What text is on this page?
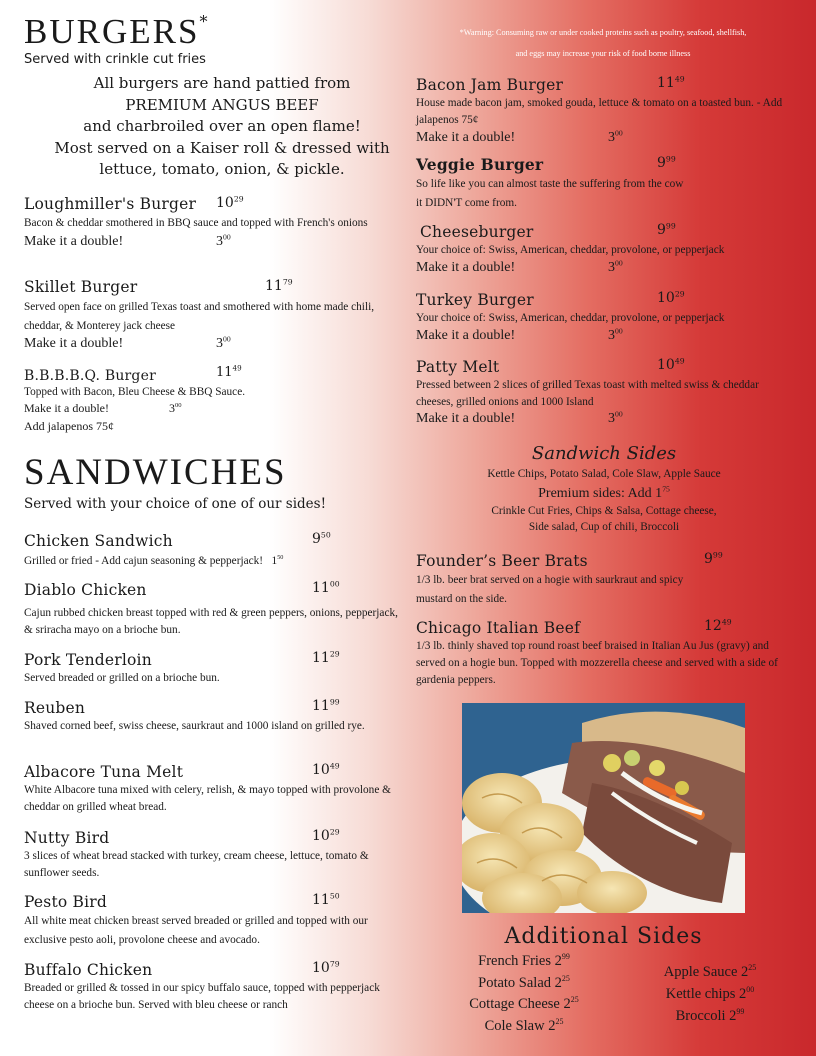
BURGERS*
Served with crinkle cut fries
All burgers are hand pattied from
PREMIUM ANGUS BEEF
and charbroiled over an open flame!
Most served on a Kaiser roll & dressed with
lettuce, tomato, onion, & pickle.
*Warning: Consuming raw or under cooked proteins such as poultry, seafood, shellfish,
and eggs may increase your risk of food borne illness
Loughmiller's Burger $10^{29}$
Bacon & cheddar smothered in BBQ sauce and topped with French's onions
Make it a double!	$3^{00}$
Skillet Burger	$11^{79}$
Served open face on grilled Texas toast and smothered with home made chili, cheddar, & Monterey jack cheese
Make it a double!	$3^{00}$
B.B.B.B.Q. Burger	$11^{49}$
Topped with Bacon, Bleu Cheese & BBQ Sauce.
Make it a double!	$3^{00}$
Add jalapenos 75¢
SANDWICHES
Served with your choice of one of our sides!
Chicken Sandwich	$9^{50}$
Grilled or fried - Add cajun seasoning & pepperjack! $1^{50}$
Diablo Chicken	$11^{00}$
Cajun rubbed chicken breast topped with red & green peppers, onions, pepperjack, & sriracha mayo on a brioche bun.
Pork Tenderloin	$11^{29}$
Served breaded or grilled on a brioche bun.
Reuben	$11^{99}$
Shaved corned beef, swiss cheese, saurkraut and 1000 island on grilled rye.
Albacore Tuna Melt	$10^{49}$
White Albacore tuna mixed with celery, relish, & mayo topped with provolone & cheddar on grilled wheat bread.
Nutty Bird	$10^{29}$
3 slices of wheat bread stacked with turkey, cream cheese, lettuce, tomato & sunflower seeds.
Pesto Bird	$11^{50}$
All white meat chicken breast served breaded or grilled and topped with our exclusive pesto aoli, provolone cheese and avocado.
Buffalo Chicken	$10^{79}$
Breaded or grilled & tossed in our spicy buffalo sauce, topped with pepperjack cheese on a brioche bun. Served with bleu cheese or ranch
Bacon Jam Burger	$11^{49}$
House made bacon jam, smoked gouda, lettuce & tomato on a toasted bun. - Add jalapenos 75¢
Make it a double!	$3^{00}$
Veggie Burger	$9^{99}$
So life like you can almost taste the suffering from the cow it DIDN'T come from.
Cheeseburger	$9^{99}$
Your choice of: Swiss, American, cheddar, provolone, or pepperjack
Make it a double!	$3^{00}$
Turkey Burger	$10^{29}$
Your choice of: Swiss, American, cheddar, provolone, or pepperjack
Make it a double!	$3^{00}$
Patty Melt	$10^{49}$
Pressed between 2 slices of grilled Texas toast with melted swiss & cheddar cheeses, grilled onions and 1000 Island
Make it a double!	$3^{00}$
Sandwich Sides
Kettle Chips, Potato Salad, Cole Slaw, Apple Sauce
Premium sides: Add $1^{75}$
Crinkle Cut Fries, Chips & Salsa, Cottage cheese,
Side salad, Cup of chili, Broccoli
Founder’s Beer Brats	$9^{99}$
1/3 lb. beer brat served on a hogie with saurkraut and spicy mustard on the side.
Chicago Italian Beef	$12^{49}$
1/3 lb. thinly shaved top round roast beef braised in Italian Au Jus (gravy) and served on a hogie bun. Topped with mozzerella cheese and served with a side of gardenia peppers.
Additional Sides
French Fries $2^{99}$
Potato Salad $2^{25}$
Cottage Cheese $2^{25}$
Cole Slaw $2^{25}$
Apple Sauce $2^{25}$
Kettle chips $2^{00}$
Broccoli $2^{99}$
